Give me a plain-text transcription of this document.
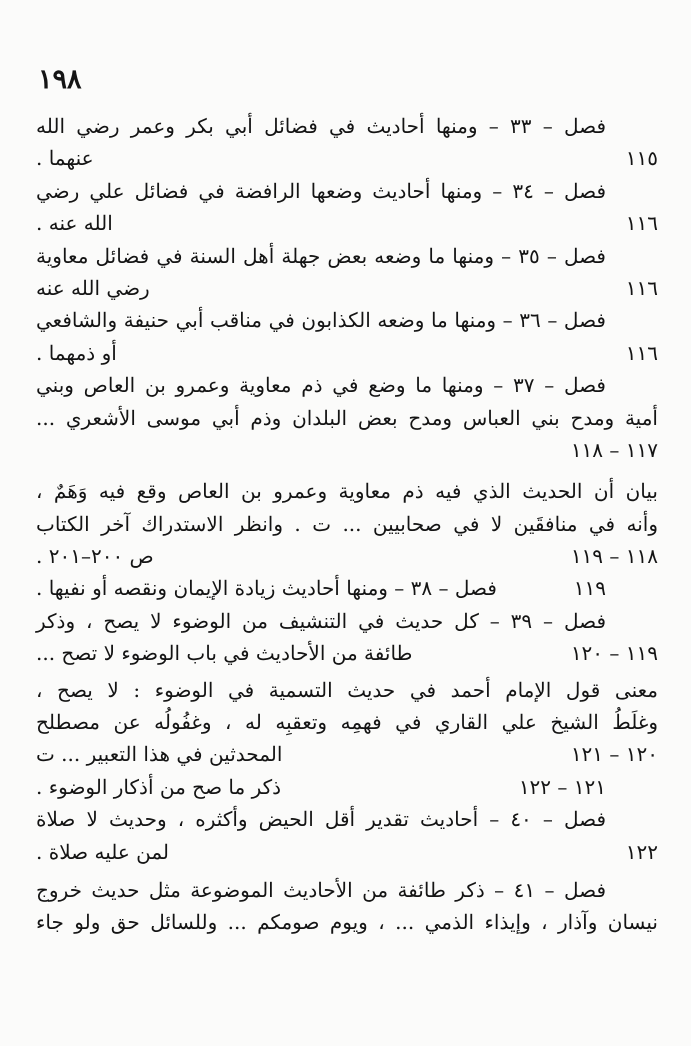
١٩٨
فصل – ٣٣ – ومنها أحاديث في فضائل أبي بكر وعمر رضي الله
عنهما .	١١٥
فصل – ٣٤ – ومنها أحاديث وضعها الرافضة في فضائل علي رضي
الله عنه .	١١٦
فصل – ٣٥ – ومنها ما وضعه بعض جهلة أهل السنة في فضائل معاوية
رضي الله عنه	١١٦
فصل – ٣٦ – ومنها ما وضعه الكذابون في مناقب أبي حنيفة والشافعي
أو ذمهما .	١١٦
فصل – ٣٧ – ومنها ما وضع في ذم معاوية وعمرو بن العاص وبني
أمية ومدح بني العباس ومدح بعض البلدان وذم أبي موسى الأشعري ...
١١٧ – ١١٨
بيان أن الحديث الذي فيه ذم معاوية وعمرو بن العاص وقع فيه وَهَمٌ ،
وأنه في منافقَين لا في صحابيين ... ت . وانظر الاستدراك آخر الكتاب
ص ٢٠٠–٢٠١ .	١١٨ – ١١٩
فصل – ٣٨ – ومنها أحاديث زيادة الإيمان ونقصه أو نفيها .	١١٩
فصل – ٣٩ – كل حديث في التنشيف من الوضوء لا يصح ، وذكر
طائفة من الأحاديث في باب الوضوء لا تصح ...	١١٩ – ١٢٠
معنى قول الإمام أحمد في حديث التسمية في الوضوء : لا يصح ،
وغلَطُ الشيخ علي القاري في فهمِه وتعقبِه له ، وغفُولُه عن مصطلح
المحدثين في هذا التعبير ... ت	١٢٠ – ١٢١
ذكر ما صح من أذكار الوضوء .	١٢١ – ١٢٢
فصل – ٤٠ – أحاديث تقدير أقل الحيض وأكثره ، وحديث لا صلاة
لمن عليه صلاة .	١٢٢
فصل – ٤١ – ذكر طائفة من الأحاديث الموضوعة مثل حديث خروج
نيسان وآذار ، وإيذاء الذمي ... ، ويوم صومكم ... وللسائل حق ولو جاء
